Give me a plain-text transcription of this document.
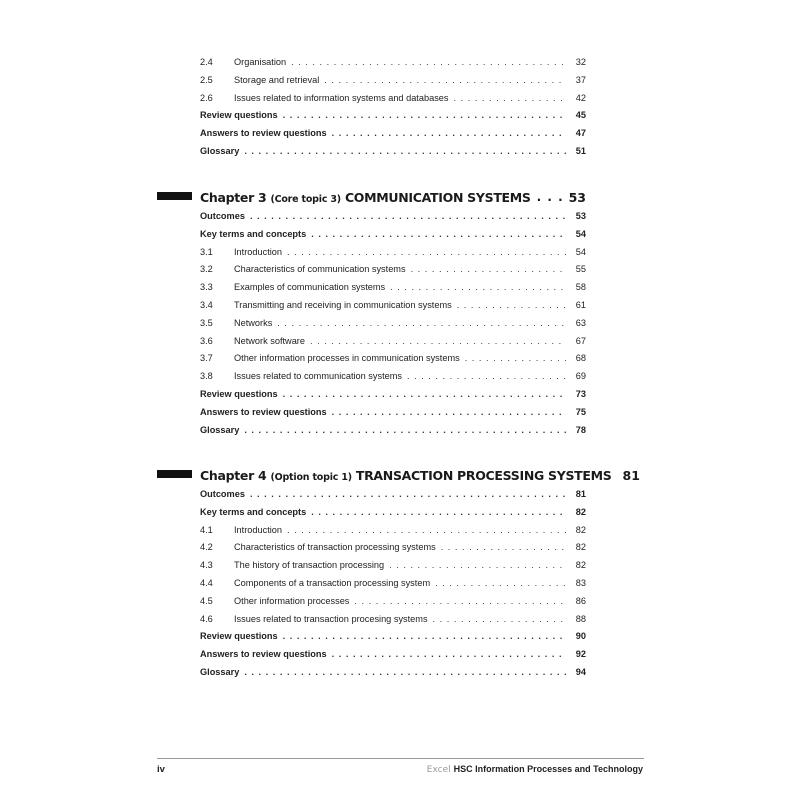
2.4	Organisation . . .	32
2.5	Storage and retrieval . . .	37
2.6	Issues related to information systems and databases . . .	42
Review questions . . .	45
Answers to review questions . . .	47
Glossary . . .	51
Chapter 3 (Core topic 3) COMMUNICATION SYSTEMS . . .	53
Outcomes . . .	53
Key terms and concepts . . .	54
3.1	Introduction . . .	54
3.2	Characteristics of communication systems . . .	55
3.3	Examples of communication systems . . .	58
3.4	Transmitting and receiving in communication systems . . .	61
3.5	Networks . . .	63
3.6	Network software . . .	67
3.7	Other information processes in communication systems . . .	68
3.8	Issues related to communication systems . . .	69
Review questions . . .	73
Answers to review questions . . .	75
Glossary . . .	78
Chapter 4 (Option topic 1) TRANSACTION PROCESSING SYSTEMS 81
Outcomes . . .	81
Key terms and concepts . . .	82
4.1	Introduction . . .	82
4.2	Characteristics of transaction processing systems . . .	82
4.3	The history of transaction processing . . .	82
4.4	Components of a transaction processing system . . .	83
4.5	Other information processes . . .	86
4.6	Issues related to transaction procesing systems . . .	88
Review questions . . .	90
Answers to review questions . . .	92
Glossary . . .	94
iv	Excel HSC Information Processes and Technology
